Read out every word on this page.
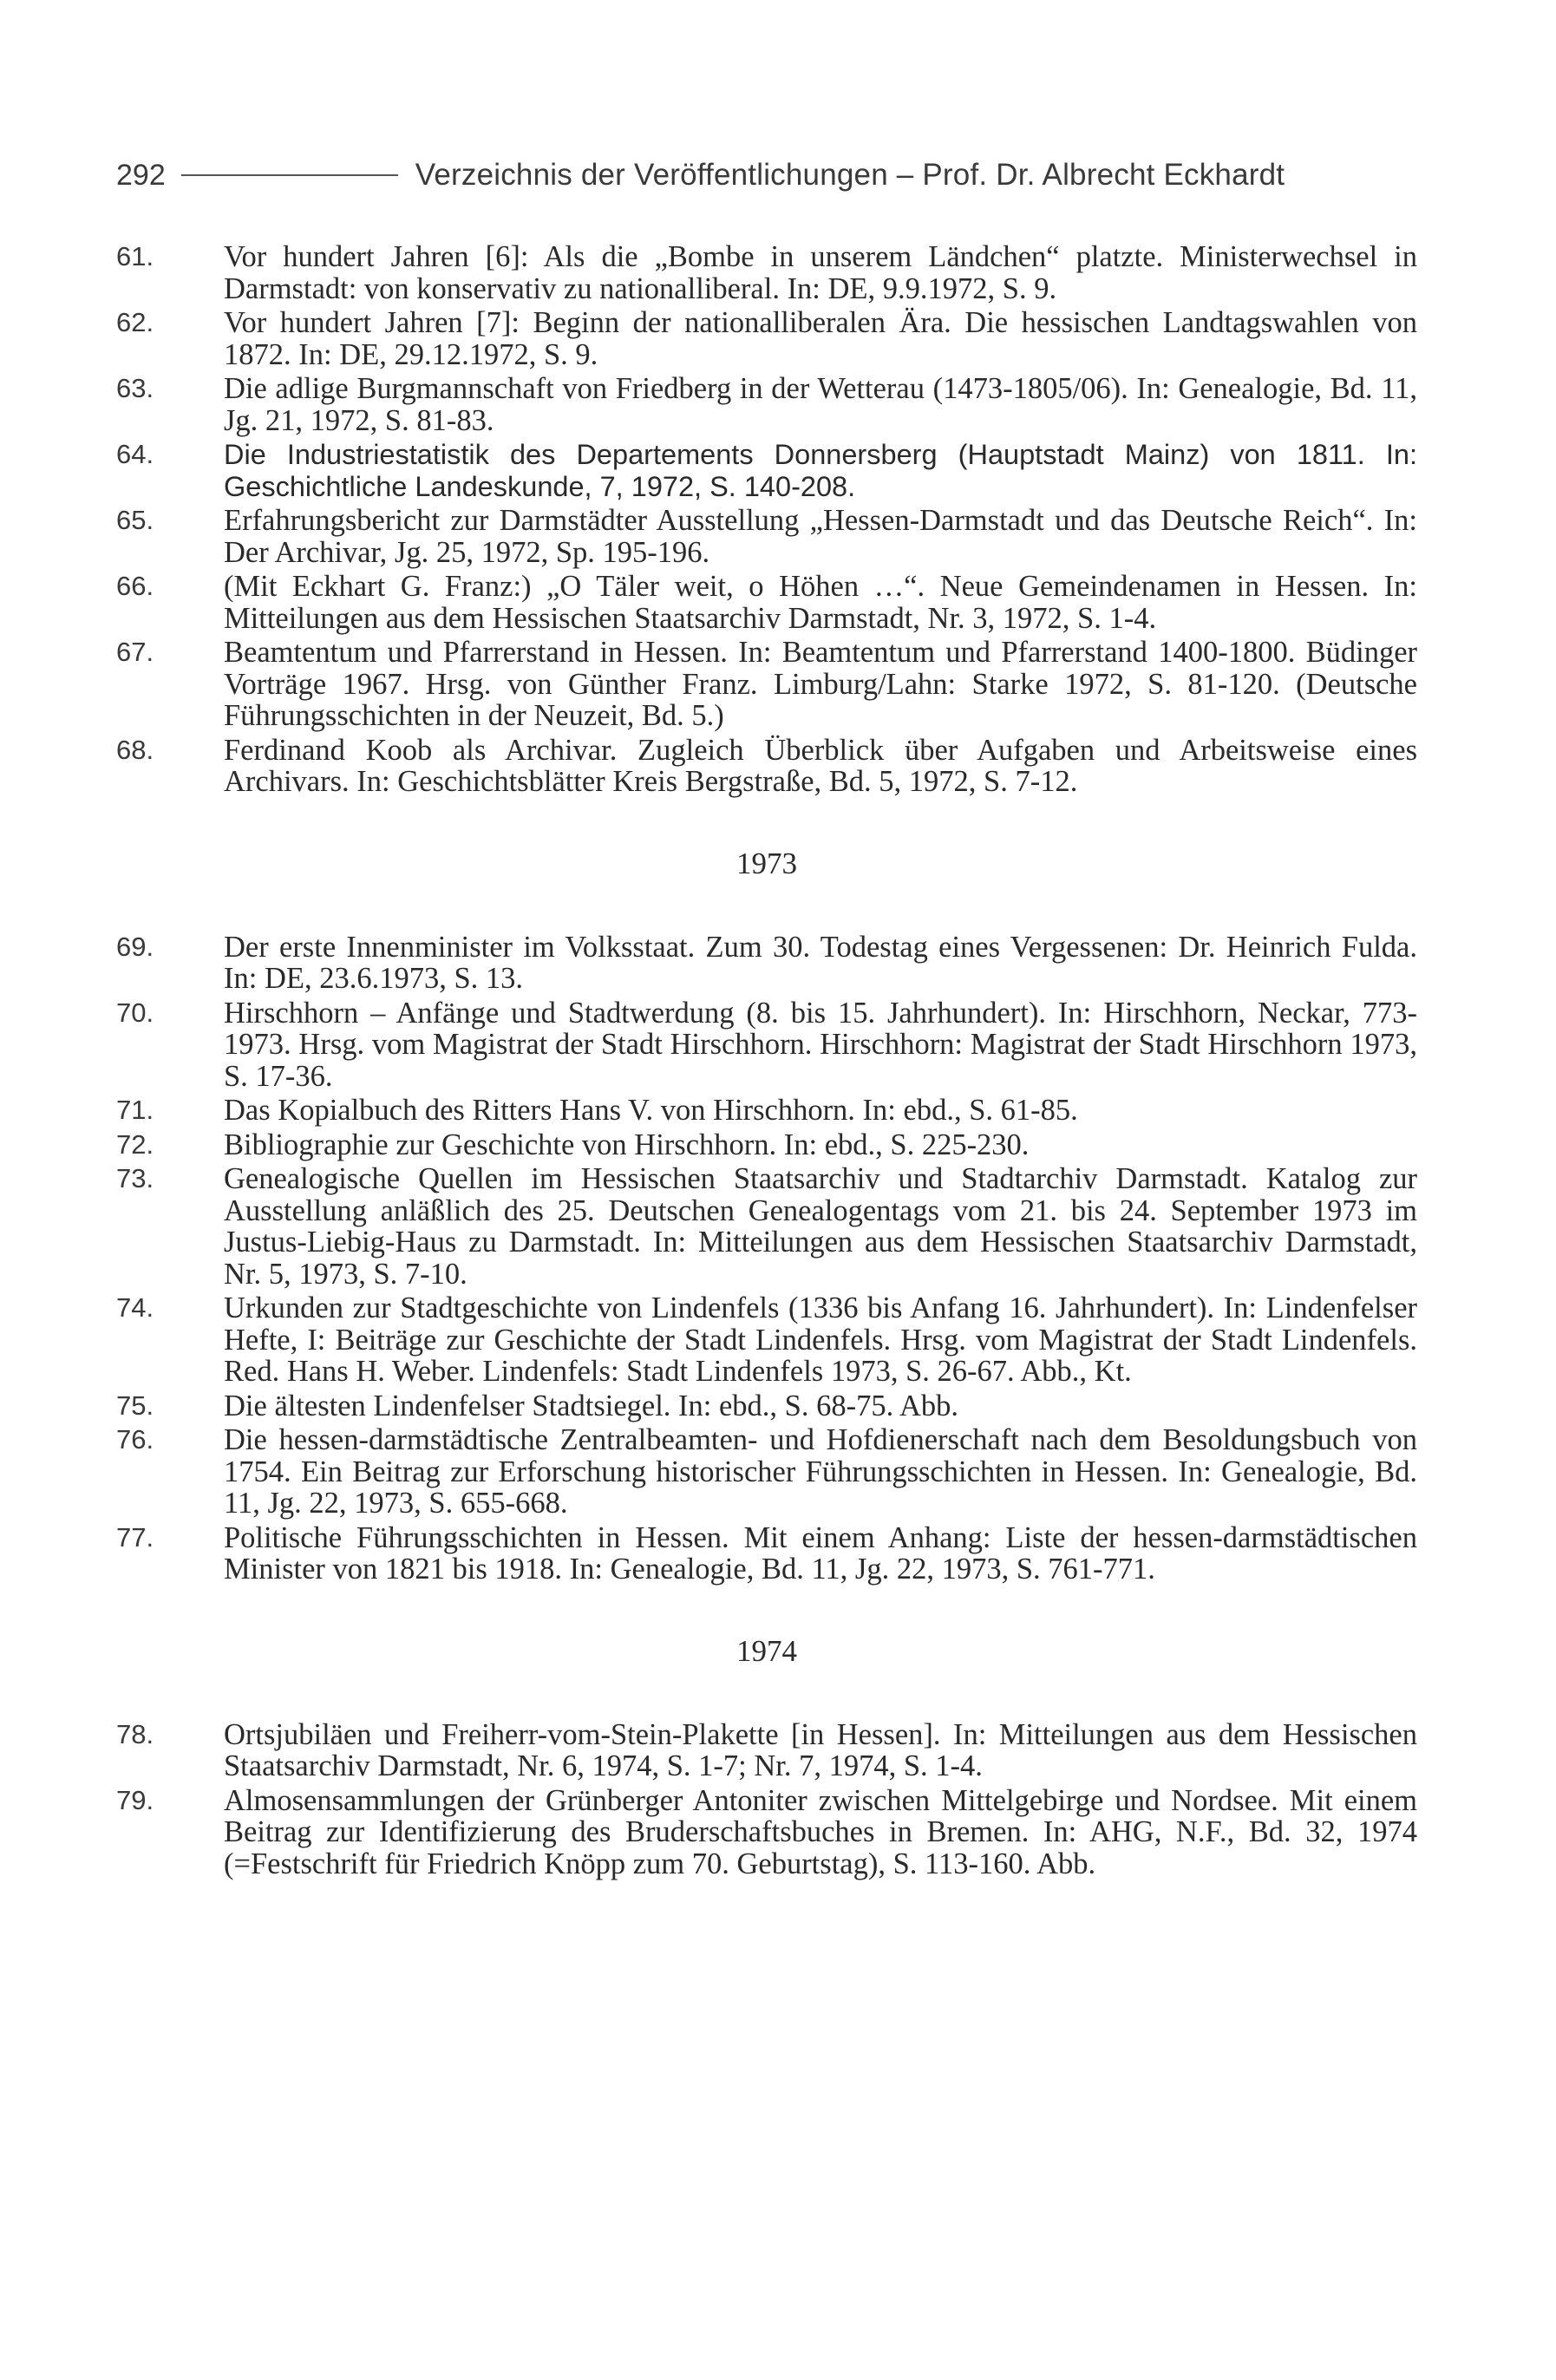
292	Verzeichnis der Veröffentlichungen – Prof. Dr. Albrecht Eckhardt
61.	Vor hundert Jahren [6]: Als die „Bombe in unserem Ländchen“ platzte. Ministerwechsel in Darmstadt: von konservativ zu nationalliberal. In: DE, 9.9.1972, S. 9.
62.	Vor hundert Jahren [7]: Beginn der nationalliberalen Ära. Die hessischen Landtagswahlen von 1872. In: DE, 29.12.1972, S. 9.
63.	Die adlige Burgmannschaft von Friedberg in der Wetterau (1473-1805/06). In: Genealogie, Bd. 11, Jg. 21, 1972, S. 81-83.
64.	Die Industriestatistik des Departements Donnersberg (Hauptstadt Mainz) von 1811. In: Geschichtliche Landeskunde, 7, 1972, S. 140-208.
65.	Erfahrungsbericht zur Darmstädter Ausstellung „Hessen-Darmstadt und das Deutsche Reich“. In: Der Archivar, Jg. 25, 1972, Sp. 195-196.
66.	(Mit Eckhart G. Franz:) „O Täler weit, o Höhen …“. Neue Gemeindenamen in Hessen. In: Mitteilungen aus dem Hessischen Staatsarchiv Darmstadt, Nr. 3, 1972, S. 1-4.
67.	Beamtentum und Pfarrerstand in Hessen. In: Beamtentum und Pfarrerstand 1400-1800. Büdinger Vorträge 1967. Hrsg. von Günther Franz. Limburg/Lahn: Starke 1972, S. 81-120. (Deutsche Führungsschichten in der Neuzeit, Bd. 5.)
68.	Ferdinand Koob als Archivar. Zugleich Überblick über Aufgaben und Arbeitsweise eines Archivars. In: Geschichtsblätter Kreis Bergstraße, Bd. 5, 1972, S. 7-12.
1973
69.	Der erste Innenminister im Volksstaat. Zum 30. Todestag eines Vergessenen: Dr. Heinrich Fulda. In: DE, 23.6.1973, S. 13.
70.	Hirschhorn – Anfänge und Stadtwerdung (8. bis 15. Jahrhundert). In: Hirschhorn, Neckar, 773-1973. Hrsg. vom Magistrat der Stadt Hirschhorn. Hirschhorn: Magistrat der Stadt Hirschhorn 1973, S. 17-36.
71.	Das Kopialbuch des Ritters Hans V. von Hirschhorn. In: ebd., S. 61-85.
72.	Bibliographie zur Geschichte von Hirschhorn. In: ebd., S. 225-230.
73.	Genealogische Quellen im Hessischen Staatsarchiv und Stadtarchiv Darmstadt. Katalog zur Ausstellung anläßlich des 25. Deutschen Genealogentags vom 21. bis 24. September 1973 im Justus-Liebig-Haus zu Darmstadt. In: Mitteilungen aus dem Hessischen Staatsarchiv Darmstadt, Nr. 5, 1973, S. 7-10.
74.	Urkunden zur Stadtgeschichte von Lindenfels (1336 bis Anfang 16. Jahrhundert). In: Lindenfelser Hefte, I: Beiträge zur Geschichte der Stadt Lindenfels. Hrsg. vom Magistrat der Stadt Lindenfels. Red. Hans H. Weber. Lindenfels: Stadt Lindenfels 1973, S. 26-67. Abb., Kt.
75.	Die ältesten Lindenfelser Stadtsiegel. In: ebd., S. 68-75. Abb.
76.	Die hessen-darmstädtische Zentralbeamten- und Hofdienerschaft nach dem Besoldungsbuch von 1754. Ein Beitrag zur Erforschung historischer Führungsschichten in Hessen. In: Genealogie, Bd. 11, Jg. 22, 1973, S. 655-668.
77.	Politische Führungsschichten in Hessen. Mit einem Anhang: Liste der hessen-darmstädtischen Minister von 1821 bis 1918. In: Genealogie, Bd. 11, Jg. 22, 1973, S. 761-771.
1974
78.	Ortsjubiläen und Freiherr-vom-Stein-Plakette [in Hessen]. In: Mitteilungen aus dem Hessischen Staatsarchiv Darmstadt, Nr. 6, 1974, S. 1-7; Nr. 7, 1974, S. 1-4.
79.	Almosensammlungen der Grünberger Antoniter zwischen Mittelgebirge und Nordsee. Mit einem Beitrag zur Identifizierung des Bruderschaftsbuches in Bremen. In: AHG, N.F., Bd. 32, 1974 (=Festschrift für Friedrich Knöpp zum 70. Geburtstag), S. 113-160. Abb.
